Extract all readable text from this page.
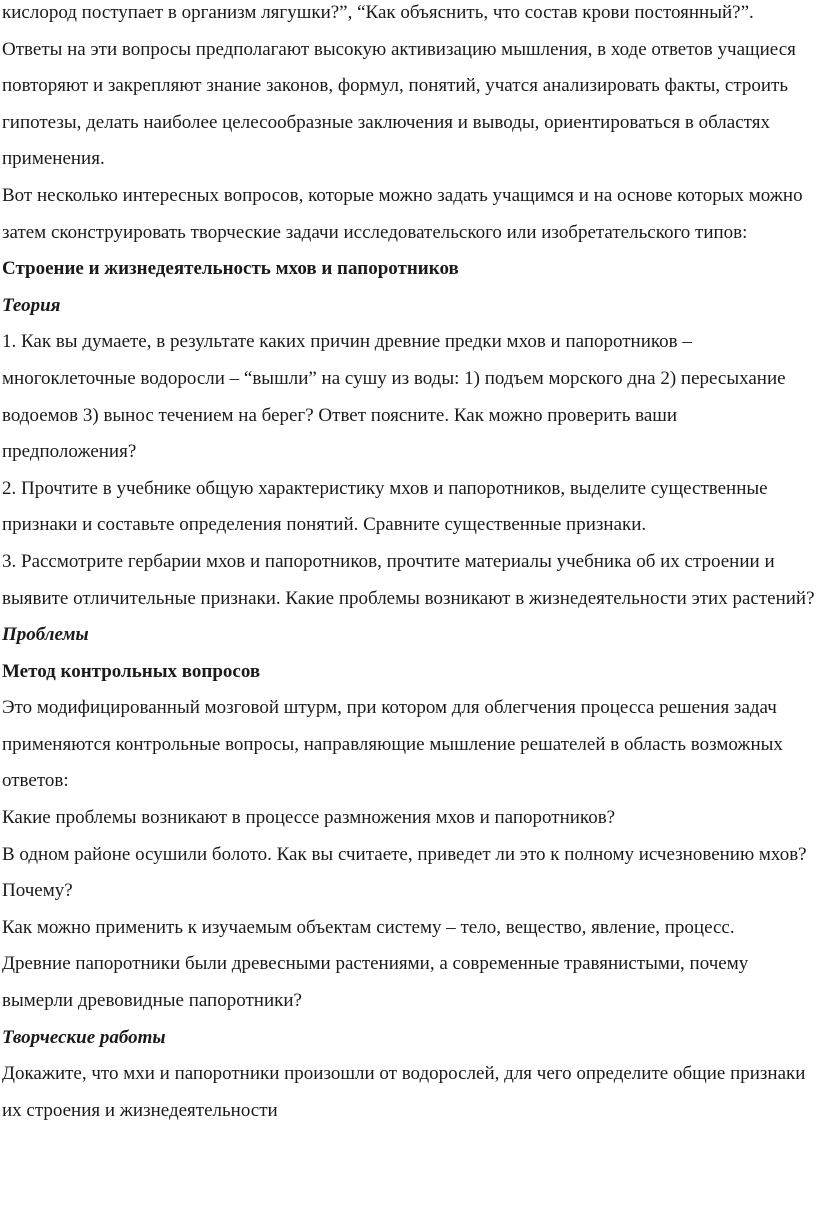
кислород поступает в организм лягушки?”, “Как объяснить, что состав крови постоянный?”. Ответы на эти вопросы предполагают высокую активизацию мышления, в ходе ответов учащиеся повторяют и закрепляют знание законов, формул, понятий, учатся анализировать факты, строить гипотезы, делать наиболее целесообразные заключения и выводы, ориентироваться в областях применения.

Вот несколько интересных вопросов, которые можно задать учащимся и на основе которых можно затем сконструировать творческие задачи исследовательского или изобретательского типов:

Строение и жизнедеятельность мхов и папоротников

Теория

1. Как вы думаете, в результате каких причин древние предки мхов и папоротников – многоклеточные водоросли – “вышли” на сушу из воды: 1) подъем морского дна 2) пересыхание водоемов 3) вынос течением на берег? Ответ поясните. Как можно проверить ваши предположения?

2. Прочтите в учебнике общую характеристику мхов и папоротников, выделите существенные признаки и составьте определения понятий. Сравните существенные признаки.

3. Рассмотрите гербарии мхов и папоротников, прочтите материалы учебника об их строении и выявите отличительные признаки. Какие проблемы возникают в жизнедеятельности этих растений?

Проблемы

Метод контрольных вопросов

Это модифицированный мозговой штурм, при котором для облегчения процесса решения задач применяются контрольные вопросы, направляющие мышление решателей в область возможных ответов:

Какие проблемы возникают в процессе размножения мхов и папоротников?

В одном районе осушили болото. Как вы считаете, приведет ли это к полному исчезновению мхов? Почему?

Как можно применить к изучаемым объектам систему – тело, вещество, явление, процесс.

Древние папоротники были древесными растениями, а современные травянистыми, почему вымерли древовидные папоротники?

Творческие работы

Докажите, что мхи и папоротники произошли от водорослей, для чего определите общие признаки их строения и жизнедеятельности
